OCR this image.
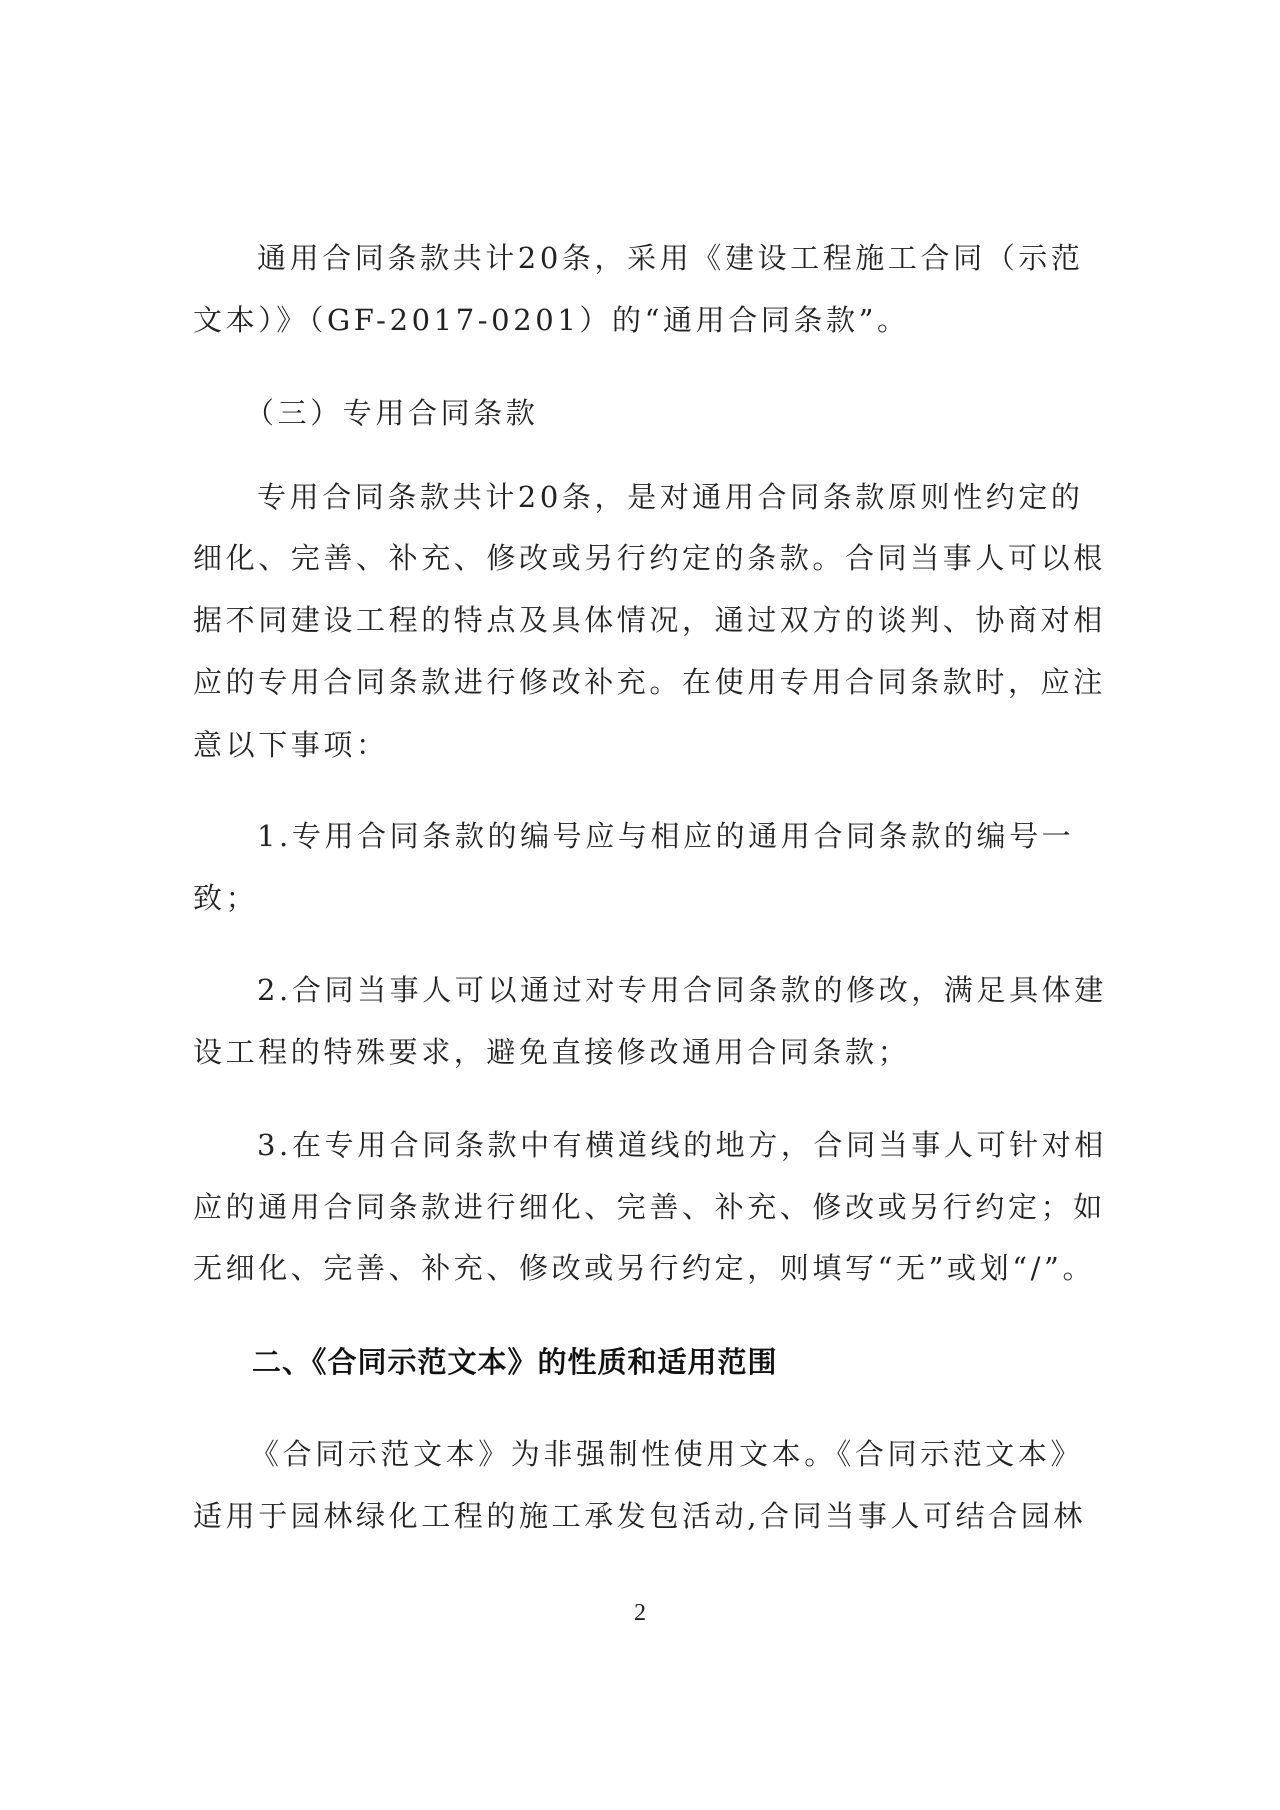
通用合同条款共计20条，采用《建设工程施工合同（示范
文本）》（GF-2017-0201）的“通用合同条款”。
（三）专用合同条款
专用合同条款共计20条，是对通用合同条款原则性约定的
细化、完善、补充、修改或另行约定的条款。合同当事人可以根
据不同建设工程的特点及具体情况，通过双方的谈判、协商对相
应的专用合同条款进行修改补充。在使用专用合同条款时，应注
意以下事项：
1.专用合同条款的编号应与相应的通用合同条款的编号一
致；
2.合同当事人可以通过对专用合同条款的修改，满足具体建
设工程的特殊要求，避免直接修改通用合同条款；
3.在专用合同条款中有横道线的地方，合同当事人可针对相
应的通用合同条款进行细化、完善、补充、修改或另行约定；如
无细化、完善、补充、修改或另行约定，则填写“无”或划“/”。
二、《合同示范文本》的性质和适用范围
《合同示范文本》为非强制性使用文本。《合同示范文本》
适用于园林绿化工程的施工承发包活动,合同当事人可结合园林
2
